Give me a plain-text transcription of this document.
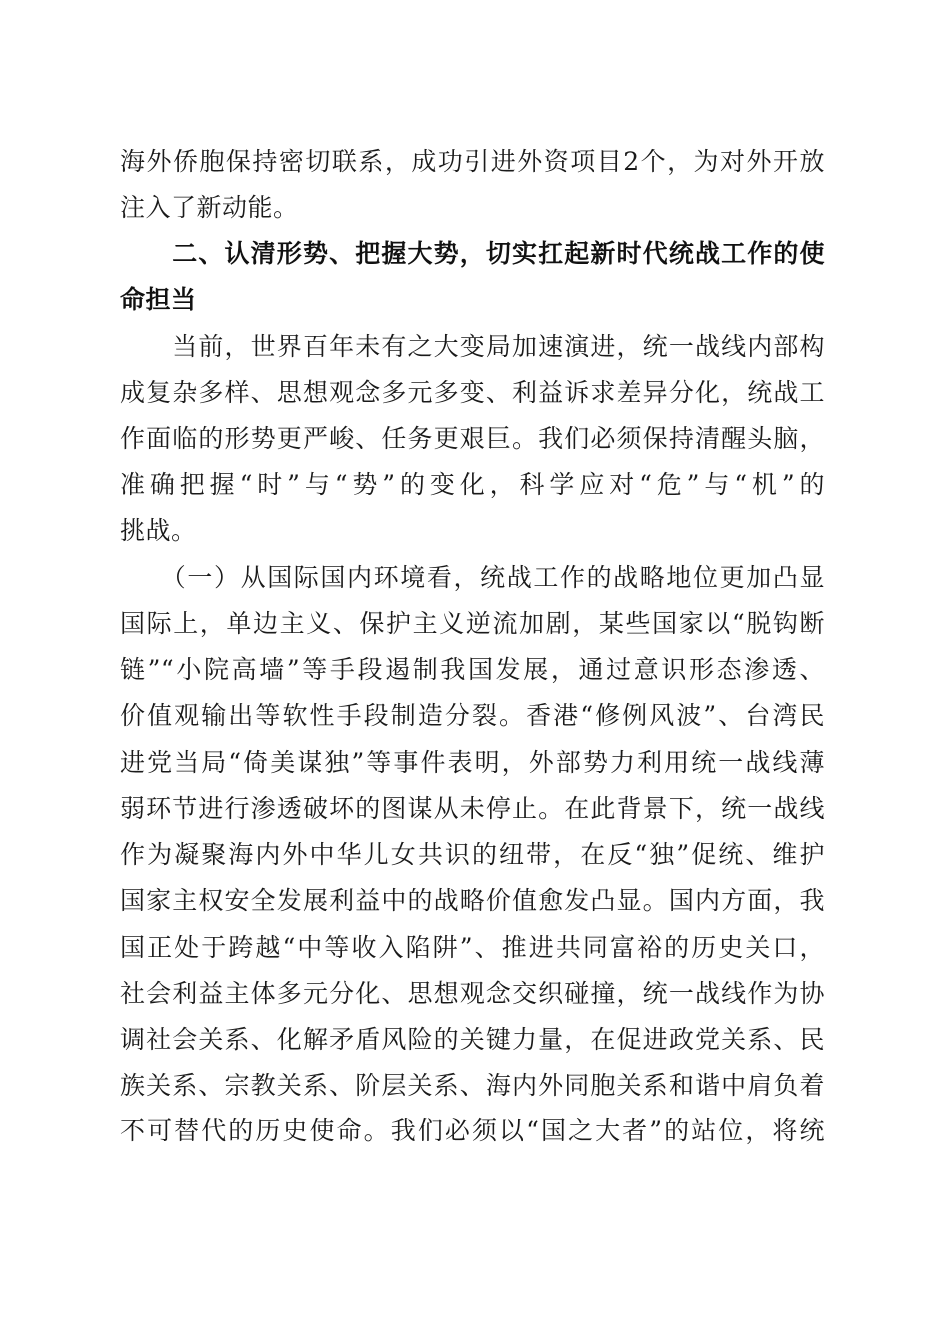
海外侨胞保持密切联系，成功引进外资项目2个，为对外开放
注入了新动能。
　　二、认清形势、把握大势，切实扛起新时代统战工作的使
命担当
　　当前，世界百年未有之大变局加速演进，统一战线内部构
成复杂多样、思想观念多元多变、利益诉求差异分化，统战工
作面临的形势更严峻、任务更艰巨。我们必须保持清醒头脑，
准确把握“时”与“势”的变化，科学应对“危”与“机”的
挑战。
　　（一）从国际国内环境看，统战工作的战略地位更加凸显
国际上，单边主义、保护主义逆流加剧，某些国家以“脱钩断
链”“小院高墙”等手段遏制我国发展，通过意识形态渗透、
价值观输出等软性手段制造分裂。香港“修例风波”、台湾民
进党当局“倚美谋独”等事件表明，外部势力利用统一战线薄
弱环节进行渗透破坏的图谋从未停止。在此背景下，统一战线
作为凝聚海内外中华儿女共识的纽带，在反“独”促统、维护
国家主权安全发展利益中的战略价值愈发凸显。国内方面，我
国正处于跨越“中等收入陷阱”、推进共同富裕的历史关口，
社会利益主体多元分化、思想观念交织碰撞，统一战线作为协
调社会关系、化解矛盾风险的关键力量，在促进政党关系、民
族关系、宗教关系、阶层关系、海内外同胞关系和谐中肩负着
不可替代的历史使命。我们必须以“国之大者”的站位，将统
